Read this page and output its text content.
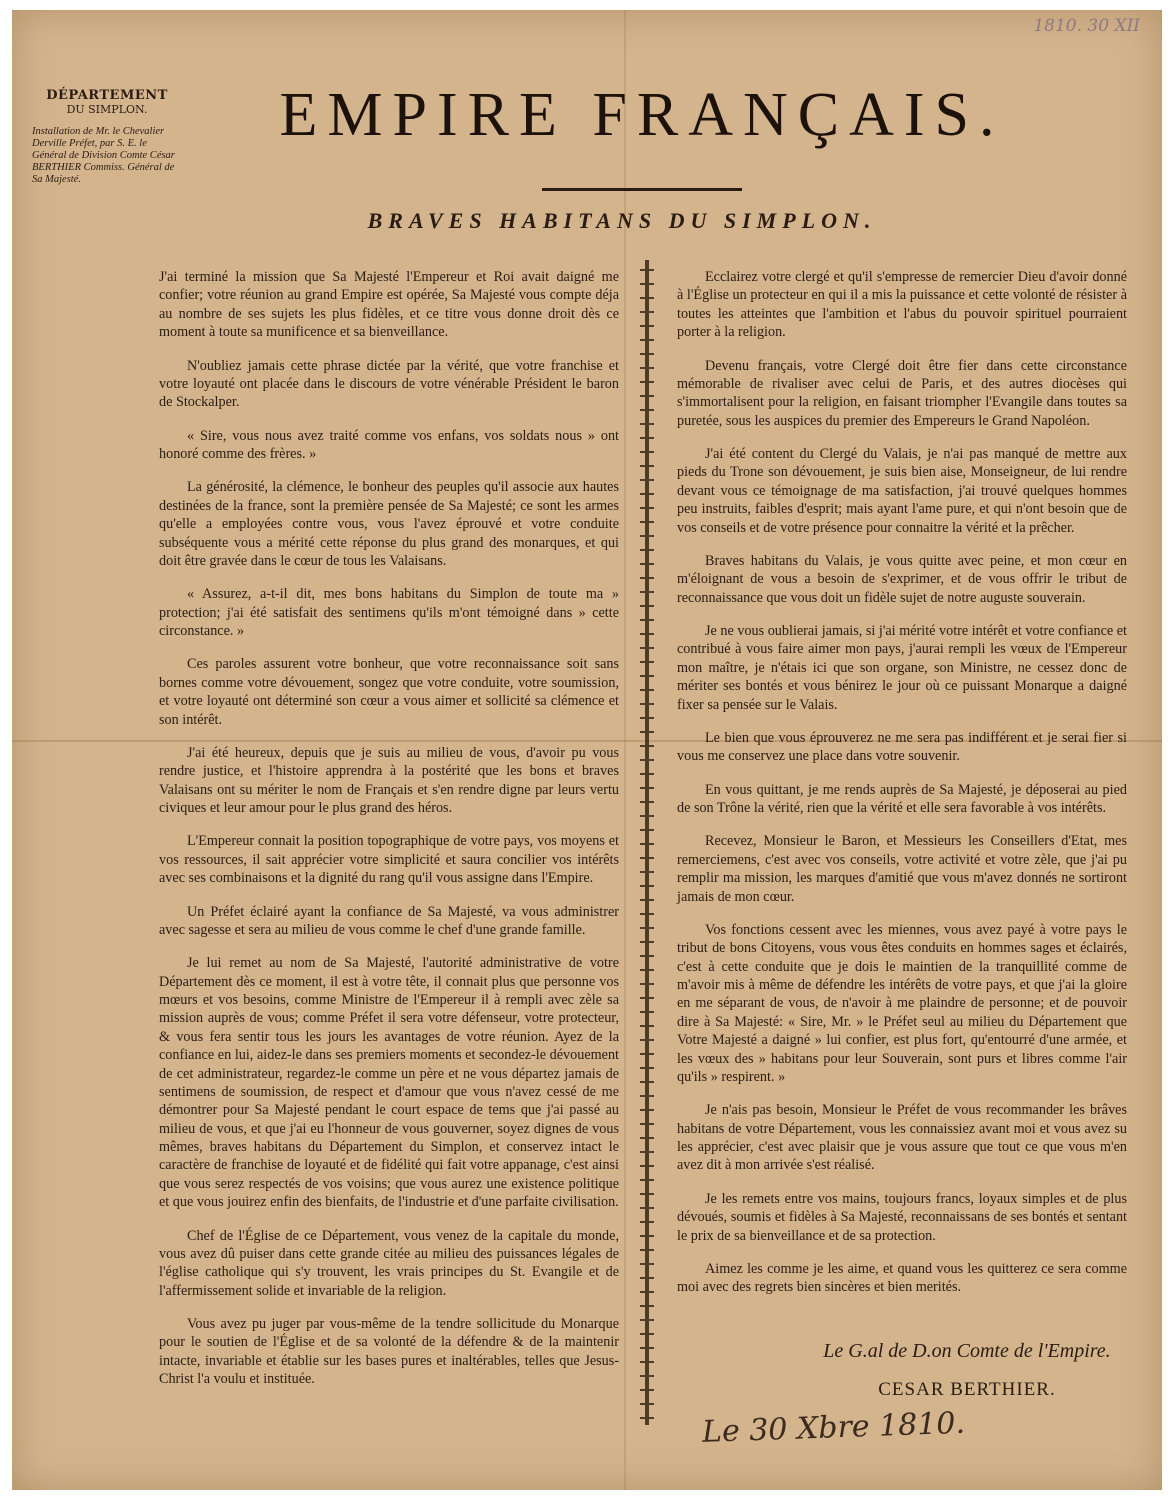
1810. 30 XII
DÉPARTEMENT
DU SIMPLON.
Installation de Mr. le Chevalier Derville Préfet, par S. E. le Général de Division Comte César BERTHIER Commiss. Général de Sa Majesté.
EMPIRE FRANÇAIS.
BRAVES HABITANS DU SIMPLON.

J'ai terminé la mission que Sa Majesté l'Empereur et Roi avait daigné me confier; votre réunion au grand Empire est opérée, Sa Majesté vous compte déja au nombre de ses sujets les plus fidèles, et ce titre vous donne droit dès ce moment à toute sa munificence et sa bienveillance.

N'oubliez jamais cette phrase dictée par la vérité, que votre franchise et votre loyauté ont placée dans le discours de votre vénérable Président le baron de Stockalper.

« Sire, vous nous avez traité comme vos enfans, vos soldats nous » ont honoré comme des frères. »

La générosité, la clémence, le bonheur des peuples qu'il associe aux hautes destinées de la france, sont la première pensée de Sa Majesté; ce sont les armes qu'elle a employées contre vous, vous l'avez éprouvé et votre conduite subséquente vous a mérité cette réponse du plus grand des monarques, et qui doit être gravée dans le cœur de tous les Valaisans.

« Assurez, a-t-il dit, mes bons habitans du Simplon de toute ma » protection; j'ai été satisfait des sentimens qu'ils m'ont témoigné dans » cette circonstance. »

Ces paroles assurent votre bonheur, que votre reconnaissance soit sans bornes comme votre dévouement, songez que votre conduite, votre soumission, et votre loyauté ont déterminé son cœur a vous aimer et sollicité sa clémence et son intérêt.

J'ai été heureux, depuis que je suis au milieu de vous, d'avoir pu vous rendre justice, et l'histoire apprendra à la postérité que les bons et braves Valaisans ont su mériter le nom de Français et s'en rendre digne par leurs vertu civiques et leur amour pour le plus grand des héros.

L'Empereur connait la position topographique de votre pays, vos moyens et vos ressources, il sait apprécier votre simplicité et saura concilier vos intérêts avec ses combinaisons et la dignité du rang qu'il vous assigne dans l'Empire.

Un Préfet éclairé ayant la confiance de Sa Majesté, va vous administrer avec sagesse et sera au milieu de vous comme le chef d'une grande famille.

Je lui remet au nom de Sa Majesté, l'autorité administrative de votre Département dès ce moment, il est à votre tête, il connait plus que personne vos mœurs et vos besoins, comme Ministre de l'Empereur il à rempli avec zèle sa mission auprès de vous; comme Préfet il sera votre défenseur, votre protecteur, & vous fera sentir tous les jours les avantages de votre réunion. Ayez de la confiance en lui, aidez-le dans ses premiers moments et secondez-le dévouement de cet administrateur, regardez-le comme un père et ne vous départez jamais de sentimens de soumission, de respect et d'amour que vous n'avez cessé de me démontrer pour Sa Majesté pendant le court espace de tems que j'ai passé au milieu de vous, et que j'ai eu l'honneur de vous gouverner, soyez dignes de vous mêmes, braves habitans du Département du Simplon, et conservez intact le caractère de franchise de loyauté et de fidélité qui fait votre appanage, c'est ainsi que vous serez respectés de vos voisins; que vous aurez une existence politique et que vous jouirez enfin des bienfaits, de l'industrie et d'une parfaite civilisation.

Chef de l'Église de ce Département, vous venez de la capitale du monde, vous avez dû puiser dans cette grande citée au milieu des puissances légales de l'église catholique qui s'y trouvent, les vrais principes du St. Evangile et de l'affermissement solide et invariable de la religion.

Vous avez pu juger par vous-même de la tendre sollicitude du Monarque pour le soutien de l'Église et de sa volonté de la défendre & de la maintenir intacte, invariable et établie sur les bases pures et inaltérables, telles que Jesus-Christ l'a voulu et instituée.

Ecclairez votre clergé et qu'il s'empresse de remercier Dieu d'avoir donné à l'Église un protecteur en qui il a mis la puissance et cette volonté de résister à toutes les atteintes que l'ambition et l'abus du pouvoir spirituel pourraient porter à la religion.

Devenu français, votre Clergé doit être fier dans cette circonstance mémorable de rivaliser avec celui de Paris, et des autres diocèses qui s'immortalisent pour la religion, en faisant triompher l'Evangile dans toutes sa puretée, sous les auspices du premier des Empereurs le Grand Napoléon.

J'ai été content du Clergé du Valais, je n'ai pas manqué de mettre aux pieds du Trone son dévouement, je suis bien aise, Monseigneur, de lui rendre devant vous ce témoignage de ma satisfaction, j'ai trouvé quelques hommes peu instruits, faibles d'esprit; mais ayant l'ame pure, et qui n'ont besoin que de vos conseils et de votre présence pour connaitre la vérité et la prêcher.

Braves habitans du Valais, je vous quitte avec peine, et mon cœur en m'éloignant de vous a besoin de s'exprimer, et de vous offrir le tribut de reconnaissance que vous doit un fidèle sujet de notre auguste souverain.

Je ne vous oublierai jamais, si j'ai mérité votre intérêt et votre confiance et contribué à vous faire aimer mon pays, j'aurai rempli les vœux de l'Empereur mon maître, je n'étais ici que son organe, son Ministre, ne cessez donc de mériter ses bontés et vous bénirez le jour où ce puissant Monarque a daigné fixer sa pensée sur le Valais.

Le bien que vous éprouverez ne me sera pas indifférent et je serai fier si vous me conservez une place dans votre souvenir.

En vous quittant, je me rends auprès de Sa Majesté, je déposerai au pied de son Trône la vérité, rien que la vérité et elle sera favorable à vos intérêts.

Recevez, Monsieur le Baron, et Messieurs les Conseillers d'Etat, mes remerciemens, c'est avec vos conseils, votre activité et votre zèle, que j'ai pu remplir ma mission, les marques d'amitié que vous m'avez donnés ne sortiront jamais de mon cœur.

Vos fonctions cessent avec les miennes, vous avez payé à votre pays le tribut de bons Citoyens, vous vous êtes conduits en hommes sages et éclairés, c'est à cette conduite que je dois le maintien de la tranquillité comme de m'avoir mis à même de défendre les intérêts de votre pays, et que j'ai la gloire en me séparant de vous, de n'avoir à me plaindre de personne; et de pouvoir dire à Sa Majesté: « Sire, Mr. » le Préfet seul au milieu du Département que Votre Majesté a daigné » lui confier, est plus fort, qu'entourré d'une armée, et les vœux des » habitans pour leur Souverain, sont purs et libres comme l'air qu'ils » respirent. »

Je n'ais pas besoin, Monsieur le Préfet de vous recommander les brâves habitans de votre Département, vous les connaissiez avant moi et vous avez su les apprécier, c'est avec plaisir que je vous assure que tout ce que vous m'en avez dit à mon arrivée s'est réalisé.

Je les remets entre vos mains, toujours francs, loyaux simples et de plus dévoués, soumis et fidèles à Sa Majesté, reconnaissans de ses bontés et sentant le prix de sa bienveillance et de sa protection.

Aimez les comme je les aime, et quand vous les quitterez ce sera comme moi avec des regrets bien sincères et bien merités.

Le G.al de D.on Comte de l'Empire.
CESAR BERTHIER.
Le 30 Xbre 1810.
